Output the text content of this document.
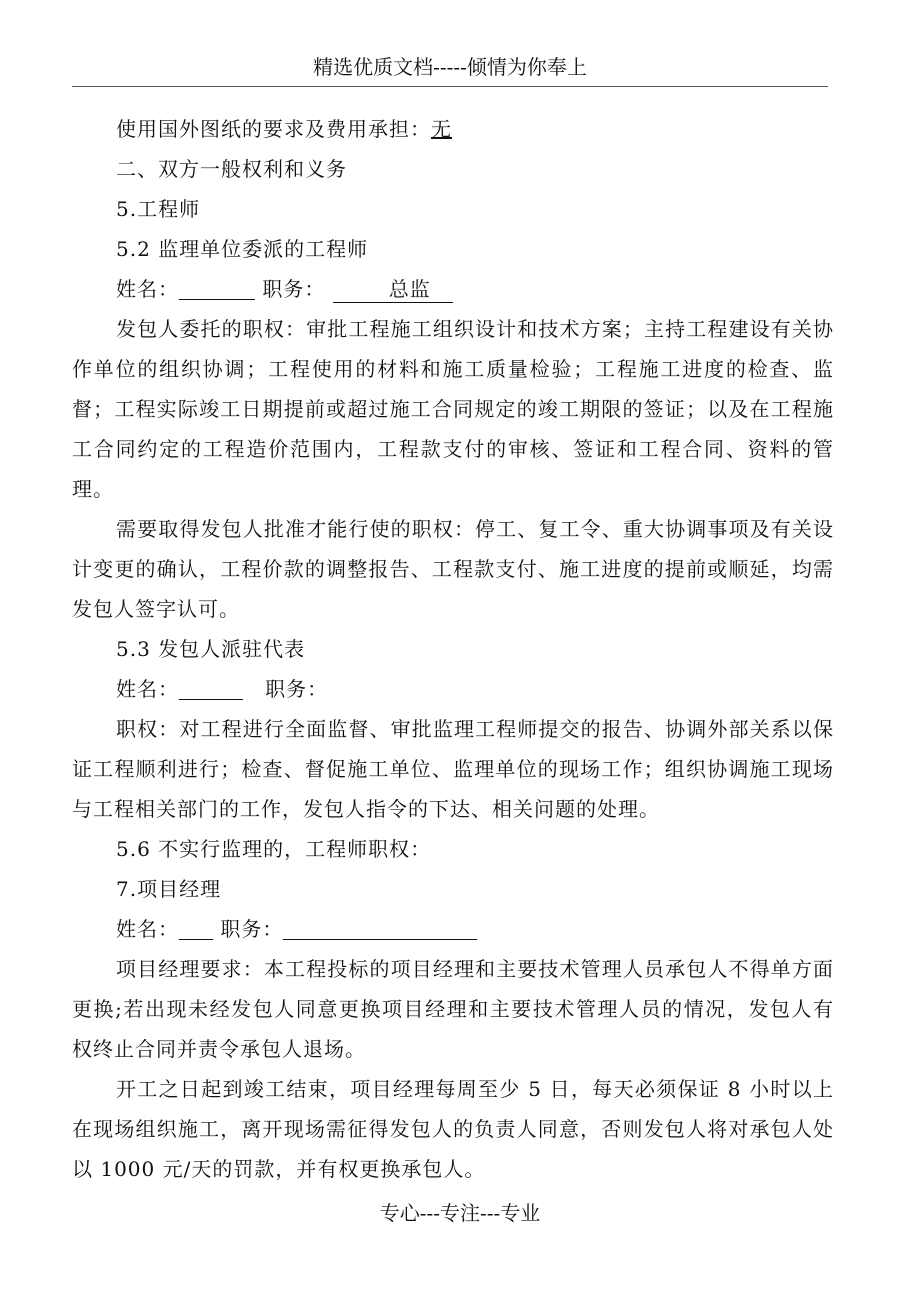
精选优质文档-----倾情为你奉上

使用国外图纸的要求及费用承担：无

二、双方一般权利和义务

5.工程师

5.2 监理单位委派的工程师

姓名：	职务：	总监

发包人委托的职权：审批工程施工组织设计和技术方案；主持工程建设有关协作单位的组织协调；工程使用的材料和施工质量检验；工程施工进度的检查、监督；工程实际竣工日期提前或超过施工合同规定的竣工期限的签证；以及在工程施工合同约定的工程造价范围内，工程款支付的审核、签证和工程合同、资料的管理。

需要取得发包人批准才能行使的职权：停工、复工令、重大协调事项及有关设计变更的确认，工程价款的调整报告、工程款支付、施工进度的提前或顺延，均需发包人签字认可。

5.3 发包人派驻代表

姓名：	职务：

职权：对工程进行全面监督、审批监理工程师提交的报告、协调外部关系以保证工程顺利进行；检查、督促施工单位、监理单位的现场工作；组织协调施工现场与工程相关部门的工作，发包人指令的下达、相关问题的处理。

5.6 不实行监理的，工程师职权：

7.项目经理

姓名： 职务：

项目经理要求：本工程投标的项目经理和主要技术管理人员承包人不得单方面更换;若出现未经发包人同意更换项目经理和主要技术管理人员的情况，发包人有权终止合同并责令承包人退场。

开工之日起到竣工结束，项目经理每周至少 5 日，每天必须保证 8 小时以上在现场组织施工，离开现场需征得发包人的负责人同意，否则发包人将对承包人处以 1000 元/天的罚款，并有权更换承包人。

专心---专注---专业
